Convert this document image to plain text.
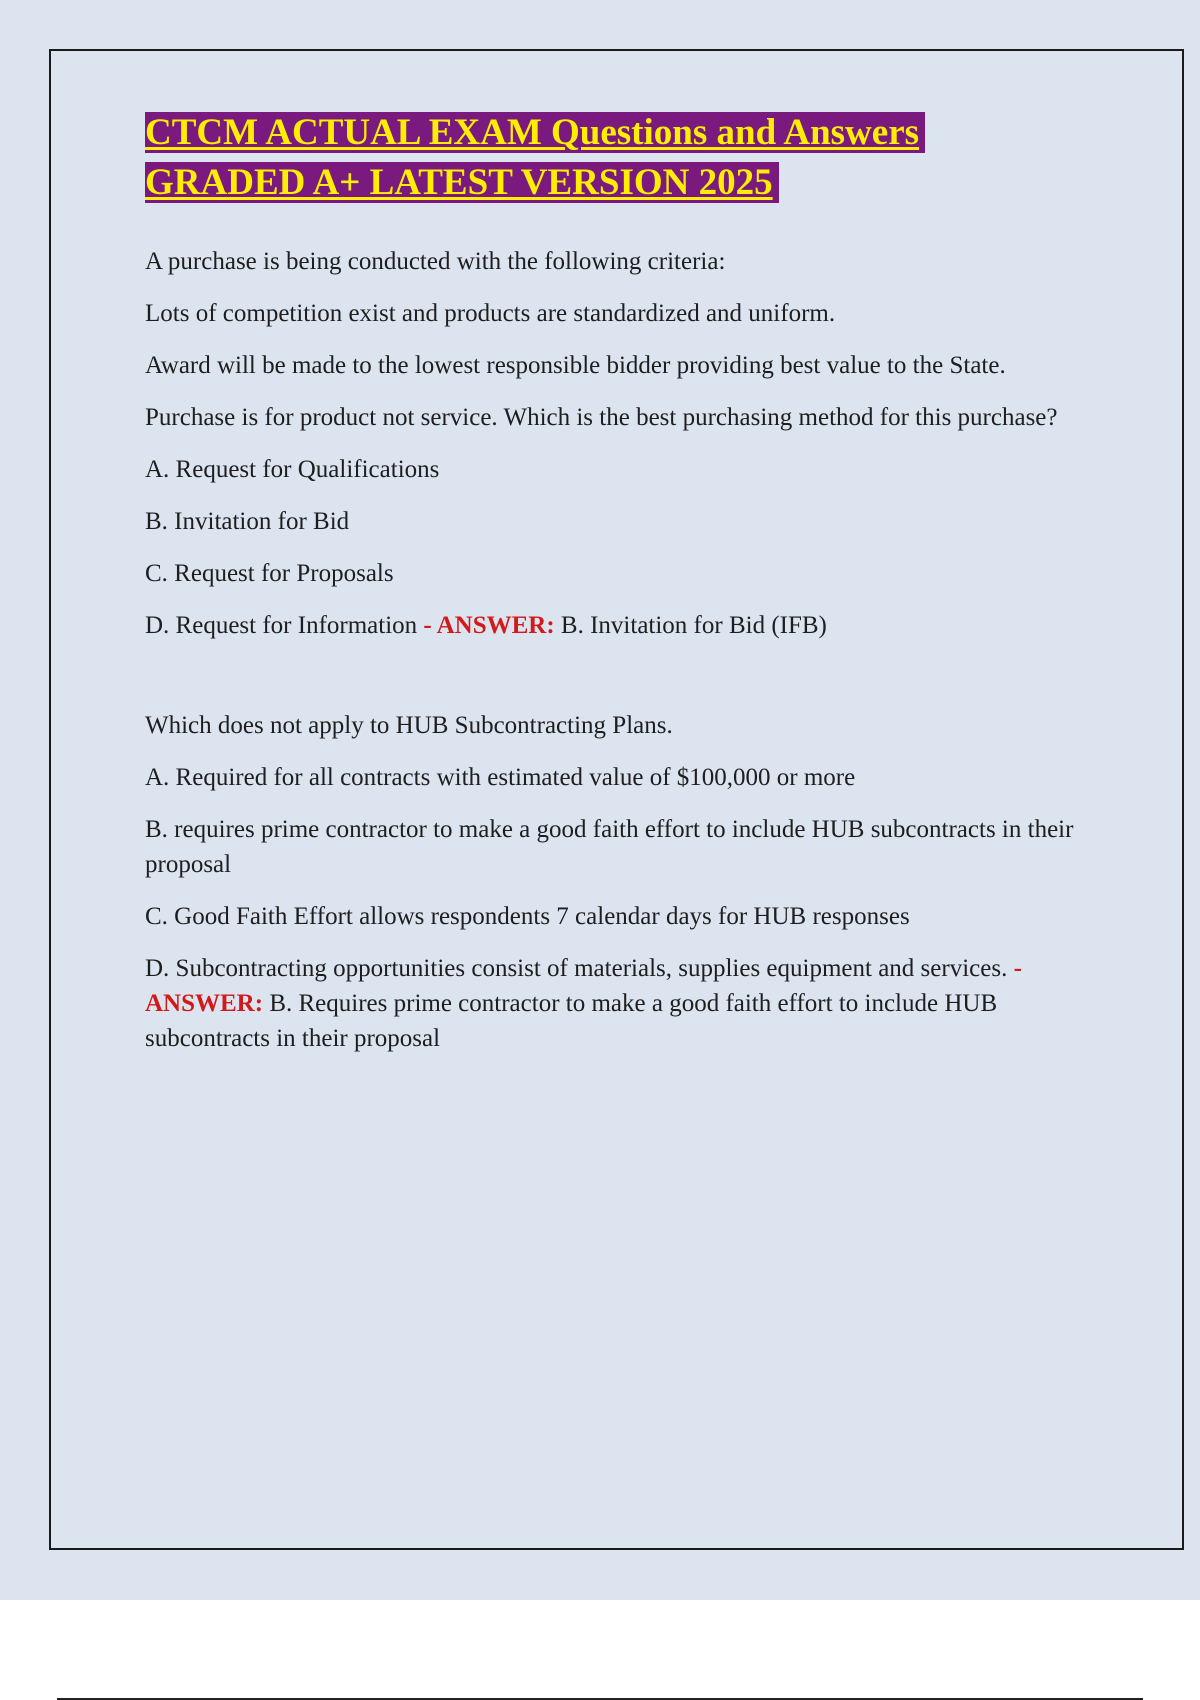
CTCM ACTUAL EXAM Questions and Answers
GRADED A+ LATEST VERSION 2025

A purchase is being conducted with the following criteria:

Lots of competition exist and products are standardized and uniform.

Award will be made to the lowest responsible bidder providing best value to the State.

Purchase is for product not service. Which is the best purchasing method for this purchase?

A. Request for Qualifications

B. Invitation for Bid

C. Request for Proposals

D. Request for Information - ANSWER: B. Invitation for Bid (IFB)

Which does not apply to HUB Subcontracting Plans.

A. Required for all contracts with estimated value of $100,000 or more

B. requires prime contractor to make a good faith effort to include HUB subcontracts in their proposal

C. Good Faith Effort allows respondents 7 calendar days for HUB responses

D. Subcontracting opportunities consist of materials, supplies equipment and services. - ANSWER: B. Requires prime contractor to make a good faith effort to include HUB subcontracts in their proposal
